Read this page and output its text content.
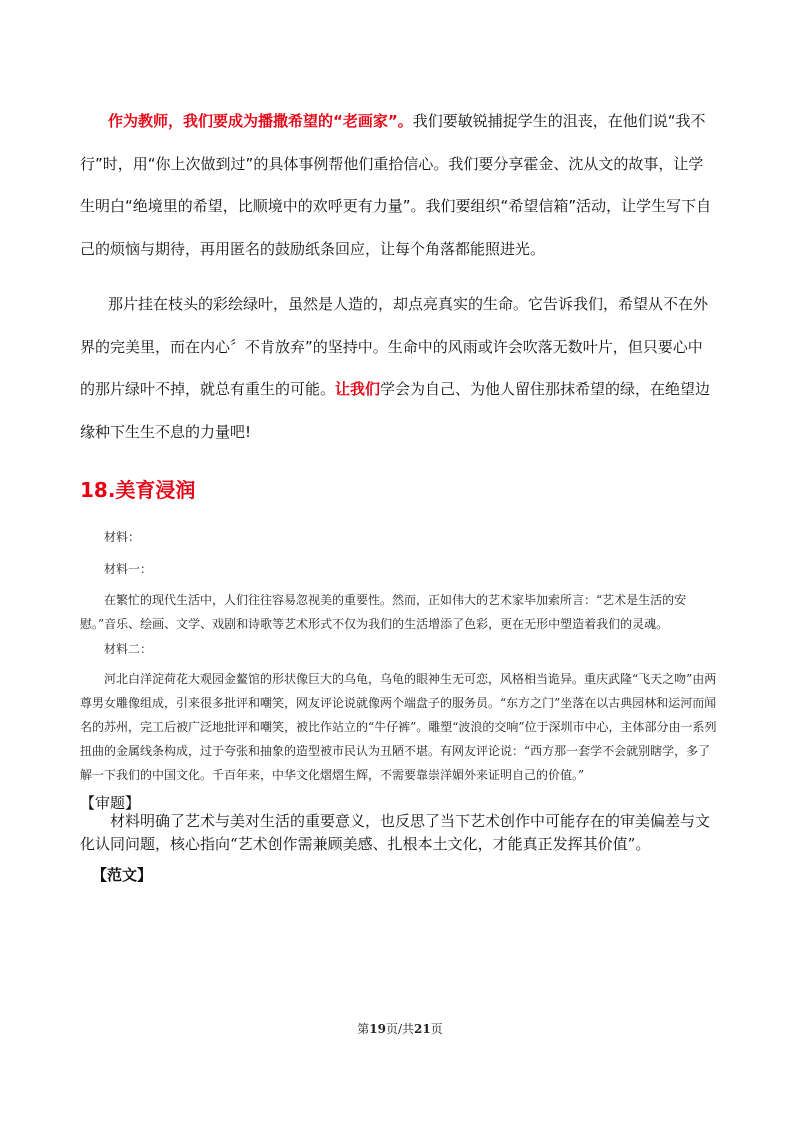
作为教师，我们要成为播撒希望的“老画家”。我们要敏锐捕捉学生的沮丧，在他们说“我不行”时，用“你上次做到过”的具体事例帮他们重拾信心。我们要分享霍金、沈从文的故事，让学生明白“绝境里的希望，比顺境中的欢呼更有力量”。我们要组织“希望信箱”活动，让学生写下自己的烦恼与期待，再用匿名的鼓励纸条回应，让每个角落都能照进光。

那片挂在枝头的彩绘绿叶，虽然是人造的，却点亮真实的生命。它告诉我们，希望从不在外界的完美里，而在内心〞不肯放弃”的坚持中。生命中的风雨或许会吹落无数叶片，但只要心中的那片绿叶不掉，就总有重生的可能。让我们学会为自己、为他人留住那抹希望的绿，在绝望边缘种下生生不息的力量吧!

18.美育浸润

材料：

材料一：

在繁忙的现代生活中，人们往往容易忽视美的重要性。然而，正如伟大的艺术家毕加索所言：“艺术是生活的安慰。”音乐、绘画、文学、戏剧和诗歌等艺术形式不仅为我们的生活增添了色彩，更在无形中塑造着我们的灵魂。

材料二：

河北白洋淀荷花大观园金鳌馆的形状像巨大的乌龟，乌龟的眼神生无可恋，风格相当诡异。重庆武隆“飞天之吻”由两尊男女雕像组成，引来很多批评和嘲笑，网友评论说就像两个端盘子的服务员。“东方之门”坐落在以古典园林和运河而闻名的苏州，完工后被广泛地批评和嘲笑，被比作站立的“牛仔裤”。雕塑“波浪的交响”位于深圳市中心，主体部分由一系列扭曲的金属线条构成，过于夸张和抽象的造型被市民认为丑陋不堪。有网友评论说：“西方那一套学不会就别瞎学，多了解一下我们的中国文化。千百年来，中华文化熠熠生辉，不需要靠崇洋媚外来证明自己的价值。”

【审题】

材料明确了艺术与美对生活的重要意义，也反思了当下艺术创作中可能存在的审美偏差与文化认同问题，核心指向“艺术创作需兼顾美感、扎根本土文化，才能真正发挥其价值”。

【范文】

第19页/共21页
